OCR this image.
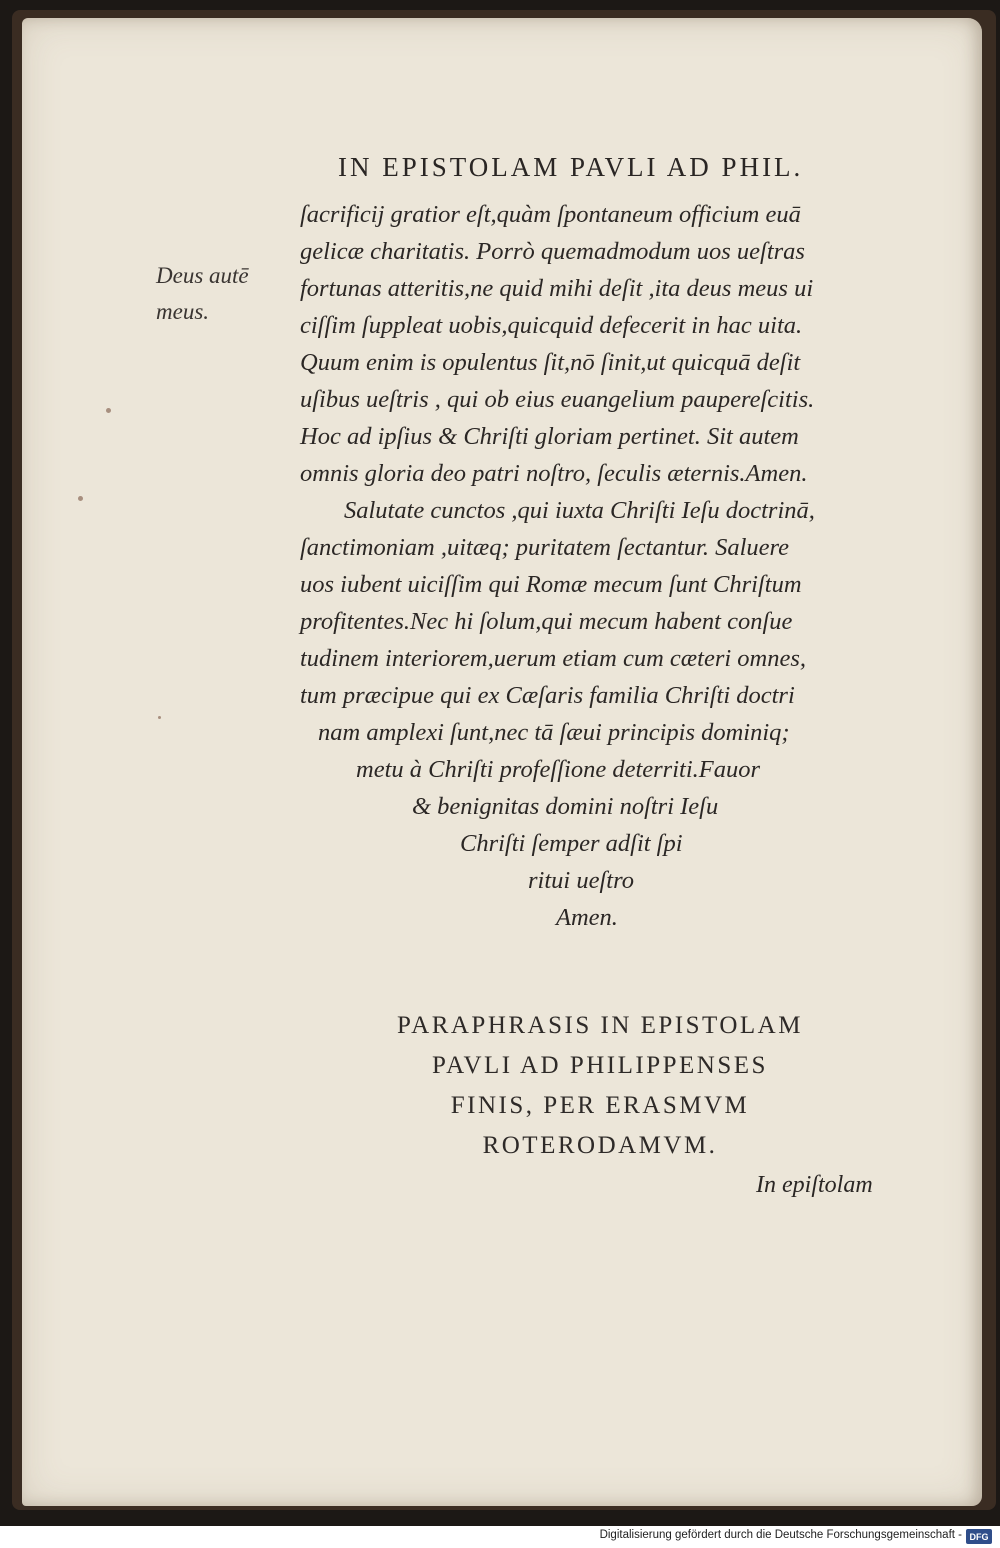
IN EPISTOLAM PAVLI AD PHIL.
Deus autē
meus.
ſacrificij gratior eſt,quàm ſpontaneum officium euā
gelicæ charitatis. Porrò quemadmodum uos ueſtras
fortunas atteritis,ne quid mihi deſit ,ita deus meus ui
ciſſim ſuppleat uobis,quicquid defecerit in hac uita.
Quum enim is opulentus ſit,nō ſinit,ut quicquā deſit
uſibus ueſtris , qui ob eius euangelium paupereſcitis.
Hoc ad ipſius & Chriſti gloriam pertinet. Sit autem
omnis gloria deo patri noſtro, ſeculis æternis.Amen.
Salutate cunctos ,qui iuxta Chriſti Ieſu doctrinā,
ſanctimoniam ,uitæq; puritatem ſectantur. Saluere
uos iubent uiciſſim qui Romæ mecum ſunt Chriſtum
profitentes.Nec hi ſolum,qui mecum habent conſue
tudinem interiorem,uerum etiam cum cæteri omnes,
tum præcipue qui ex Cæſaris familia Chriſti doctri
nam amplexi ſunt,nec tā ſæui principis dominiq;
metu à Chriſti profeſſione deterriti.Fauor
& benignitas domini noſtri Ieſu
Chriſti ſemper adſit ſpi
ritui ueſtro
Amen.
PARAPHRASIS IN EPISTOLAM
PAVLI AD PHILIPPENSES
FINIS, PER ERASMVM
ROTERODAMVM.
In epiſtolam
Digitalisierung gefördert durch die Deutsche Forschungsgemeinschaft - DFG
